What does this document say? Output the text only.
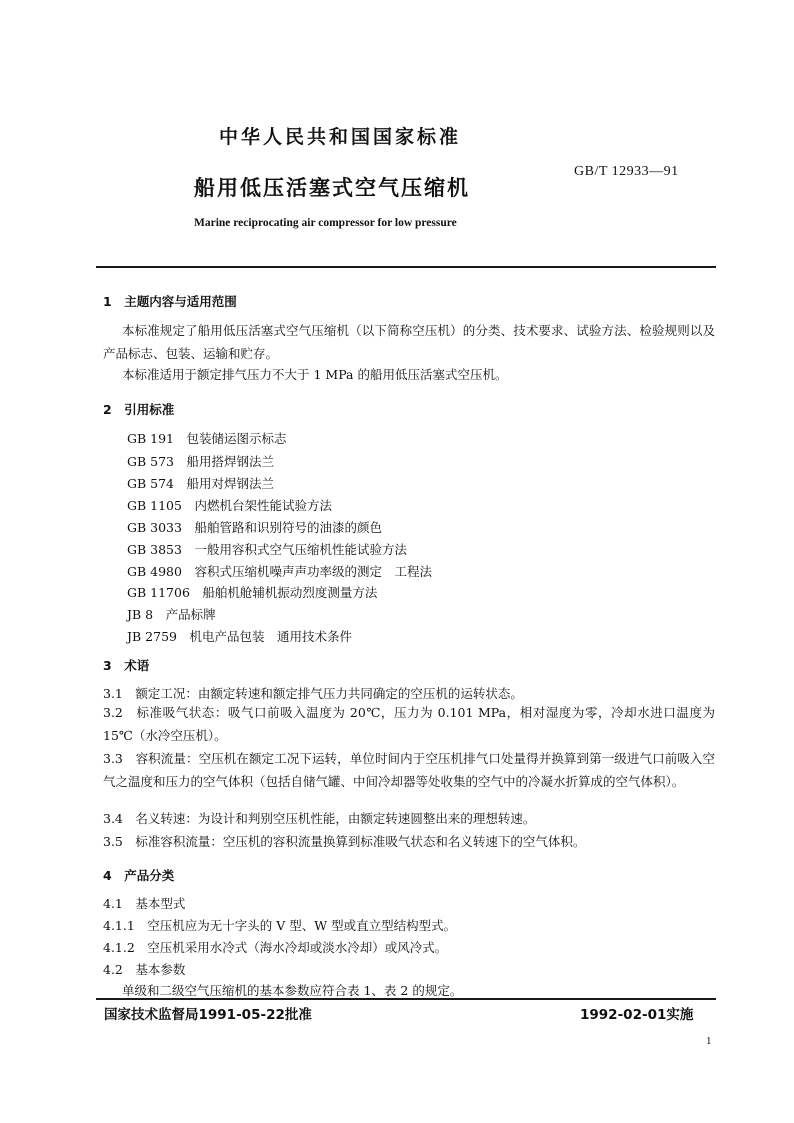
中华人民共和国国家标准
船用低压活塞式空气压缩机
GB/T 12933—91
Marine reciprocating air compressor for low pressure
1　主题内容与适用范围
本标准规定了船用低压活塞式空气压缩机（以下简称空压机）的分类、技术要求、试验方法、检验规则以及产品标志、包装、运输和贮存。
本标准适用于额定排气压力不大于 1 MPa 的船用低压活塞式空压机。
2　引用标准
GB 191　包装储运图示标志
GB 573　船用搭焊钢法兰
GB 574　船用对焊钢法兰
GB 1105　内燃机台架性能试验方法
GB 3033　船舶管路和识别符号的油漆的颜色
GB 3853　一般用容积式空气压缩机性能试验方法
GB 4980　容积式压缩机噪声声功率级的测定　工程法
GB 11706　船舶机舱辅机振动烈度测量方法
JB 8　产品标牌
JB 2759　机电产品包装　通用技术条件
3　术语
3.1　额定工况：由额定转速和额定排气压力共同确定的空压机的运转状态。
3.2　标准吸气状态：吸气口前吸入温度为 20℃，压力为 0.101 MPa，相对湿度为零，冷却水进口温度为 15℃（水冷空压机）。
3.3　容积流量：空压机在额定工况下运转，单位时间内于空压机排气口处量得并换算到第一级进气口前吸入空气之温度和压力的空气体积（包括自储气罐、中间冷却器等处收集的空气中的冷凝水折算成的空气体积）。
3.4　名义转速：为设计和判别空压机性能，由额定转速圆整出来的理想转速。
3.5　标准容积流量：空压机的容积流量换算到标准吸气状态和名义转速下的空气体积。
4　产品分类
4.1　基本型式
4.1.1　空压机应为无十字头的 V 型、W 型或直立型结构型式。
4.1.2　空压机采用水冷式（海水冷却或淡水冷却）或风冷式。
4.2　基本参数
单级和二级空气压缩机的基本参数应符合表 1、表 2 的规定。
国家技术监督局1991-05-22批准	1992-02-01实施
1
